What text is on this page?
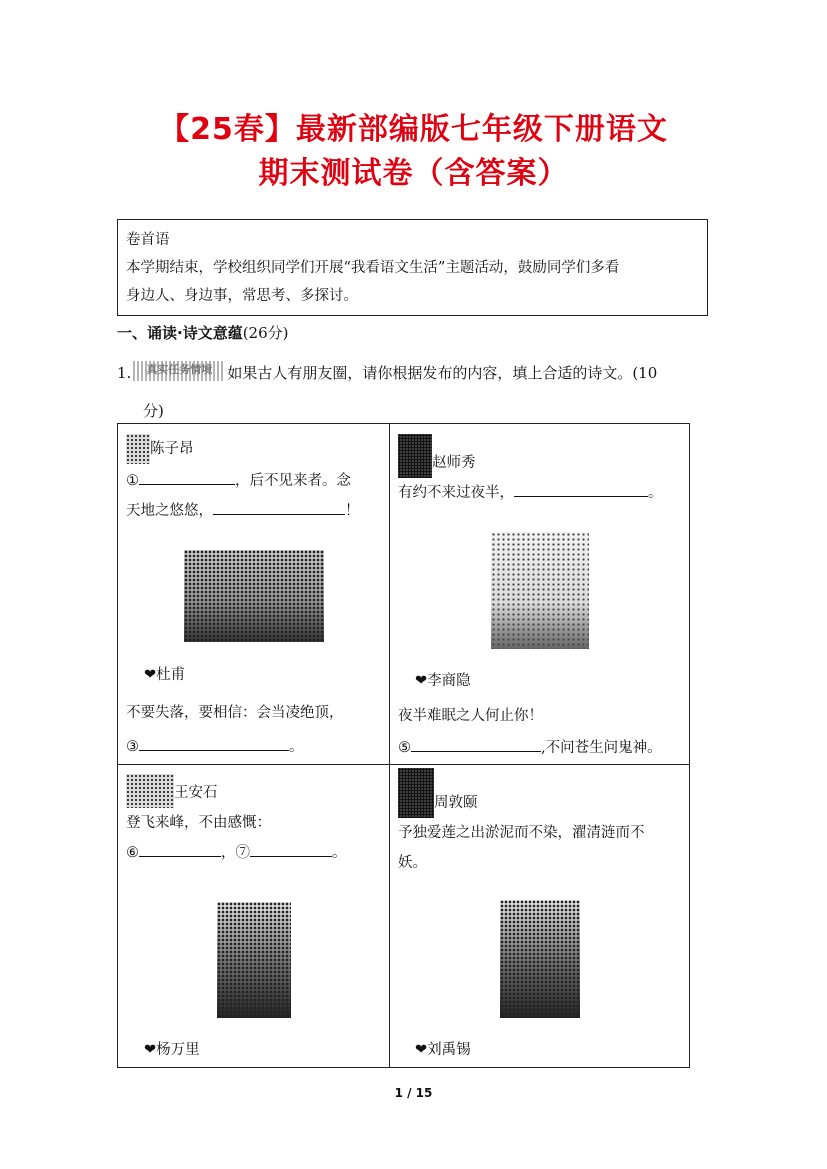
【25春】最新部编版七年级下册语文
期末测试卷（含答案）
卷首语
本学期结束，学校组织同学们开展“我看语文生活”主题活动，鼓励同学们多看
身边人、身边事，常思考、多探讨。
一、诵读·诗文意蕴(26分)
1.	真实任务情境	如果古人有朋友圈，请你根据发布的内容，填上合适的诗文。(10
分)
陈子昂
①	，后不见来者。念
天地之悠悠，	！
❤杜甫
不要失落，要相信：会当凌绝顶，
③	。
赵师秀
有约不来过夜半，	。
❤李商隐
夜半难眠之人何止你！
⑤	,不问苍生问鬼神。
王安石
登飞来峰，不由感慨：
⑥	，⑦	。
❤杨万里
周敦颐
予独爱莲之出淤泥而不染，濯清涟而不
妖。
❤刘禹锡
1 / 15
